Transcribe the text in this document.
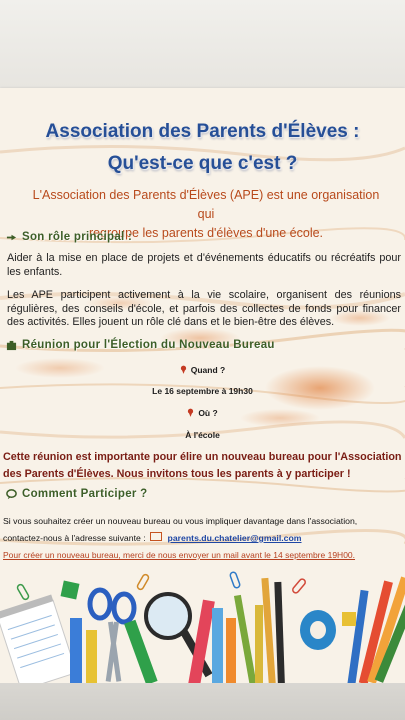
Association des Parents d'Élèves :
Qu'est-ce que c'est ?
L'Association des Parents d'Élèves (APE) est une organisation qui
regroupe les parents d'élèves d'une école.
Son rôle principal :
Aider à la mise en place de projets et d'événements éducatifs ou récréatifs pour les enfants.
Les APE participent activement à la vie scolaire, organisent des réunions régulières, des conseils d'école, et parfois des collectes de fonds pour financer des activités. Elles jouent un rôle clé dans et le bien-être des élèves.
Réunion pour l'Élection du Nouveau Bureau
Quand ?
Le 16 septembre à 19h30
Où ?
À l'école
Cette réunion est importante pour élire un nouveau bureau pour l'Association des Parents d'Élèves. Nous invitons tous les parents à y participer !
Comment Participer ?
Si vous souhaitez créer un nouveau bureau ou vous impliquer davantage dans l'association,
contactez-nous à l'adresse suivante :	parents.du.chatelier@gmail.com
Pour créer un nouveau bureau, merci de nous envoyer un mail avant le 14 septembre 19H00.
